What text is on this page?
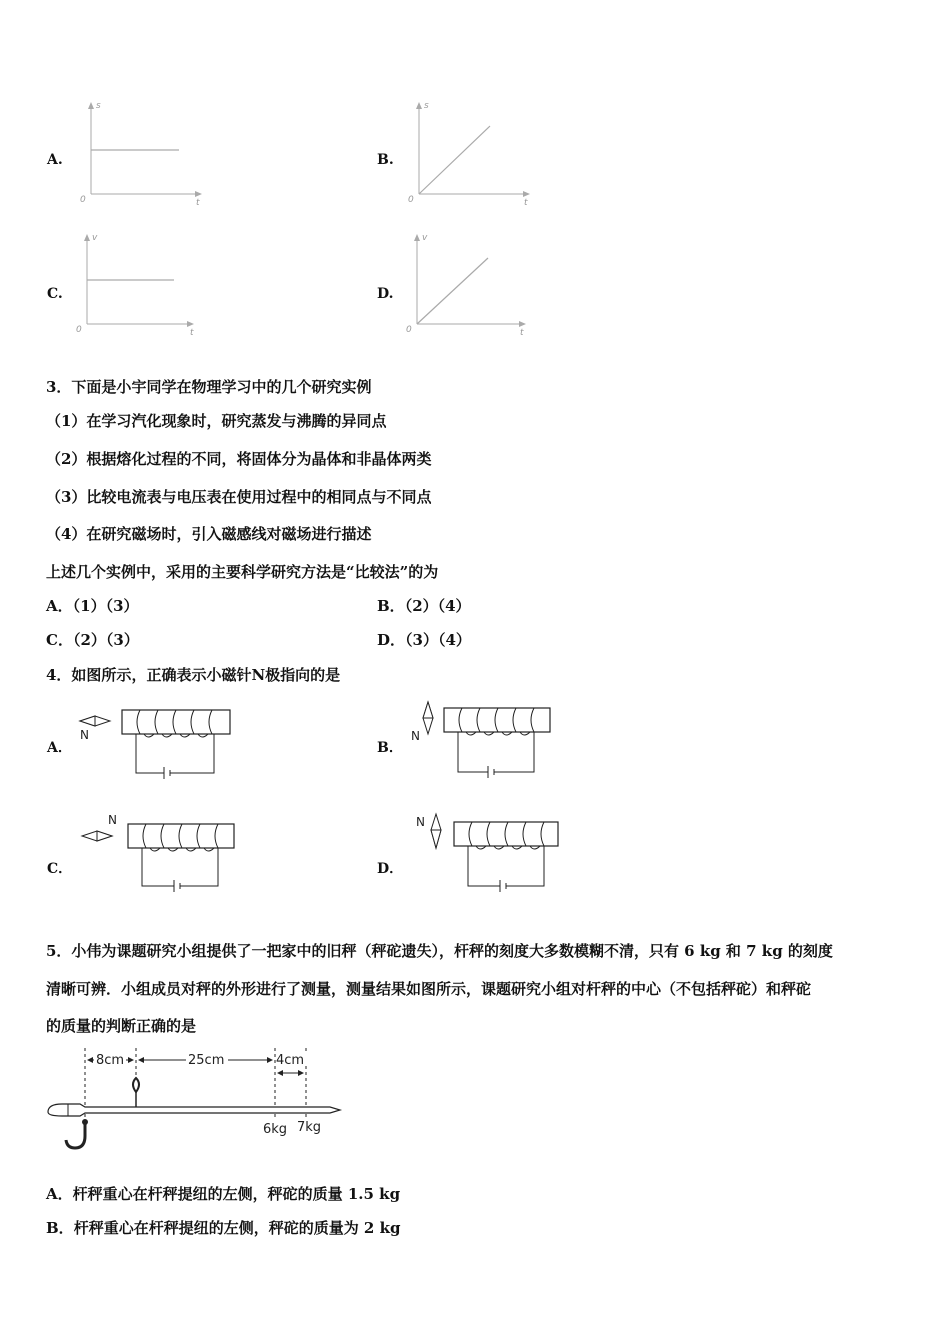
A.
s
t
0
B.
s
t
0
C.
v
t
0
D.
v
t
0
3．下面是小宇同学在物理学习中的几个研究实例
（1）在学习汽化现象时，研究蒸发与沸腾的异同点
（2）根据熔化过程的不同，将固体分为晶体和非晶体两类
（3）比较电流表与电压表在使用过程中的相同点与不同点
（4）在研究磁场时，引入磁感线对磁场进行描述
上述几个实例中，采用的主要科学研究方法是“比较法”的为
A．（1）（3）	B．（2）（4）
C．（2）（3）	D．（3）（4）
4．如图所示，正确表示小磁针N极指向的是
A．
N
B．
N
C．
N
D．
N
5．小伟为课题研究小组提供了一把家中的旧秤（秤砣遗失），杆秤的刻度大多数模糊不清，只有 6 kg 和 7 kg 的刻度
清晰可辨．小组成员对秤的外形进行了测量，测量结果如图所示，课题研究小组对杆秤的中心（不包括秤砣）和秤砣
的质量的判断正确的是
8cm	25cm	4cm
6kg 7kg
A．杆秤重心在杆秤提纽的左侧，秤砣的质量 1.5 kg
B．杆秤重心在杆秤提纽的左侧，秤砣的质量为 2 kg
